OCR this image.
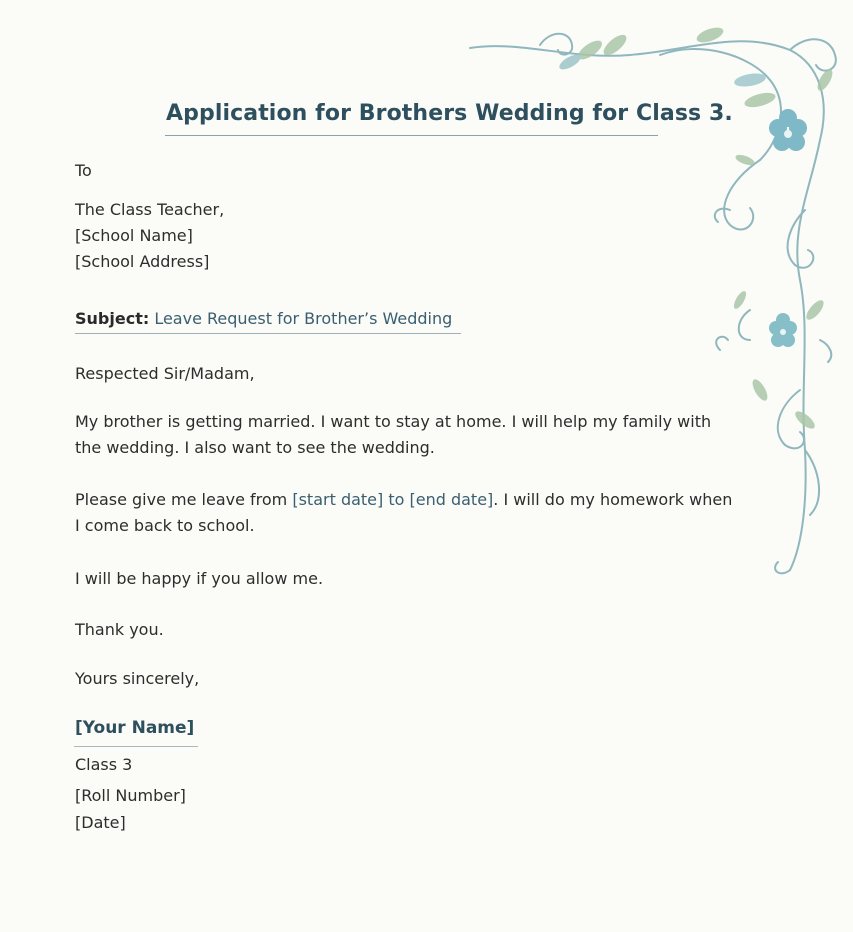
Application for Brothers Wedding for Class 3.
To
The Class Teacher,
[School Name]
[School Address]
Subject: Leave Request for Brother’s Wedding
Respected Sir/Madam,
My brother is getting married. I want to stay at home. I will help my family with
the wedding. I also want to see the wedding.
Please give me leave from [start date] to [end date]. I will do my homework when
I come back to school.
I will be happy if you allow me.
Thank you.
Yours sincerely,
[Your Name]
Class 3
[Roll Number]
[Date]
